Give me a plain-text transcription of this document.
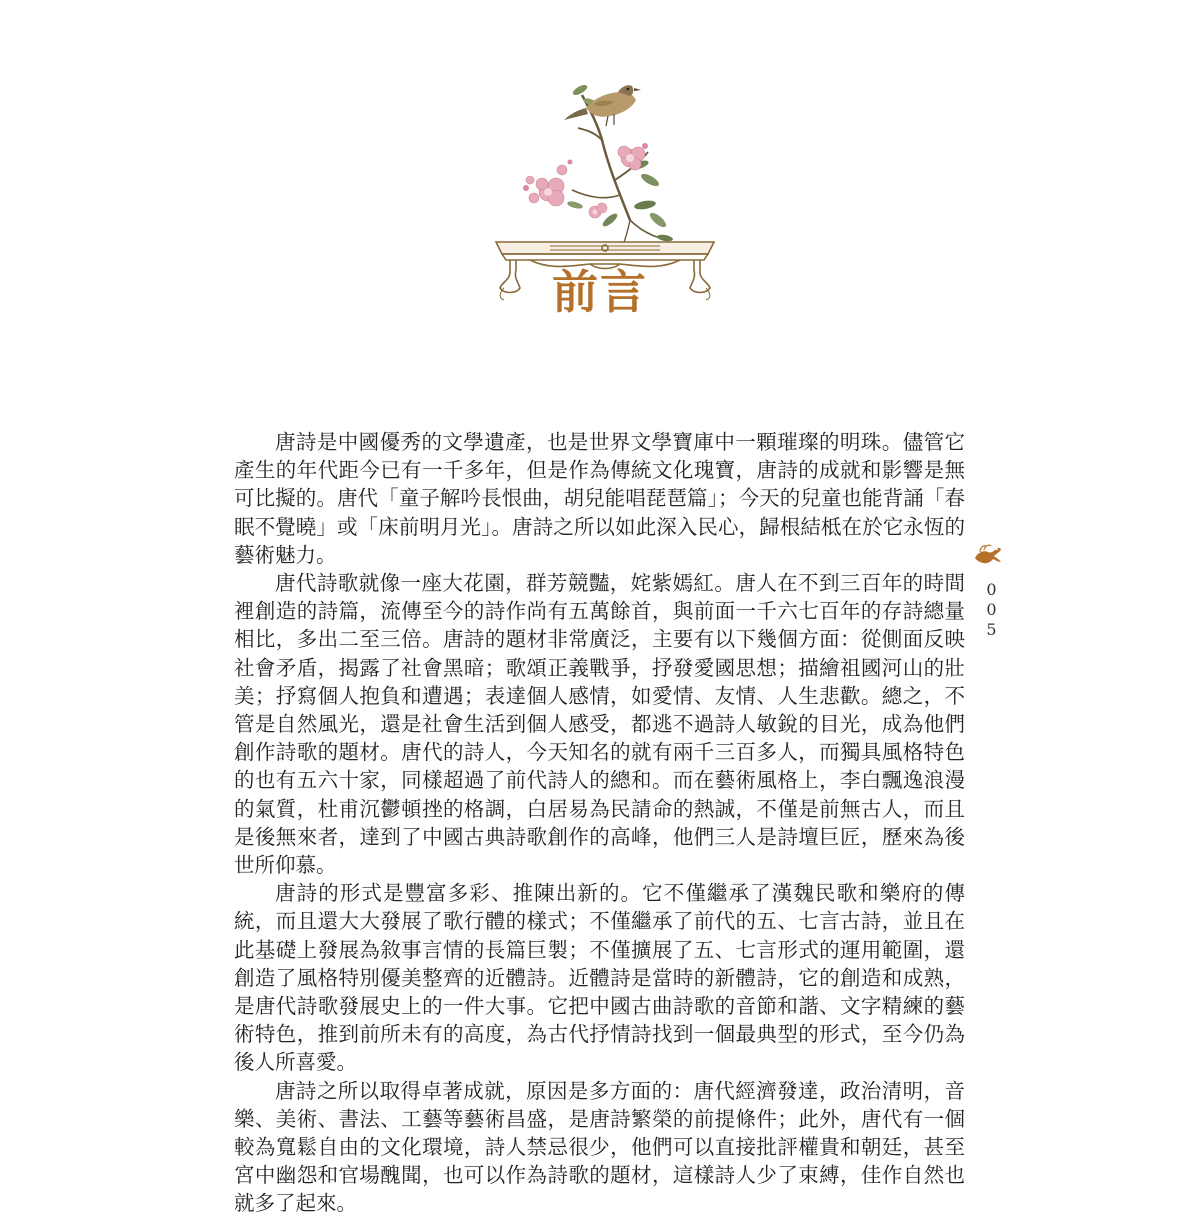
前言

唐詩是中國優秀的文學遺產，也是世界文學寶庫中一顆璀璨的明珠。儘管它產生的年代距今已有一千多年，但是作為傳統文化瑰寶，唐詩的成就和影響是無可比擬的。唐代「童子解吟長恨曲，胡兒能唱琵琶篇」；今天的兒童也能背誦「春眠不覺曉」或「床前明月光」。唐詩之所以如此深入民心，歸根結柢在於它永恆的藝術魅力。

唐代詩歌就像一座大花園，群芳競豔，姹紫嫣紅。唐人在不到三百年的時間裡創造的詩篇，流傳至今的詩作尚有五萬餘首，與前面一千六七百年的存詩總量相比，多出二至三倍。唐詩的題材非常廣泛，主要有以下幾個方面：從側面反映社會矛盾，揭露了社會黑暗；歌頌正義戰爭，抒發愛國思想；描繪祖國河山的壯美；抒寫個人抱負和遭遇；表達個人感情，如愛情、友情、人生悲歡。總之，不管是自然風光，還是社會生活到個人感受，都逃不過詩人敏銳的目光，成為他們創作詩歌的題材。唐代的詩人，今天知名的就有兩千三百多人，而獨具風格特色的也有五六十家，同樣超過了前代詩人的總和。而在藝術風格上，李白飄逸浪漫的氣質，杜甫沉鬱頓挫的格調，白居易為民請命的熱誠，不僅是前無古人，而且是後無來者，達到了中國古典詩歌創作的高峰，他們三人是詩壇巨匠，歷來為後世所仰慕。

唐詩的形式是豐富多彩、推陳出新的。它不僅繼承了漢魏民歌和樂府的傳統，而且還大大發展了歌行體的樣式；不僅繼承了前代的五、七言古詩，並且在此基礎上發展為敘事言情的長篇巨製；不僅擴展了五、七言形式的運用範圍，還創造了風格特別優美整齊的近體詩。近體詩是當時的新體詩，它的創造和成熟，是唐代詩歌發展史上的一件大事。它把中國古曲詩歌的音節和諧、文字精練的藝術特色，推到前所未有的高度，為古代抒情詩找到一個最典型的形式，至今仍為後人所喜愛。

唐詩之所以取得卓著成就，原因是多方面的：唐代經濟發達，政治清明，音樂、美術、書法、工藝等藝術昌盛，是唐詩繁榮的前提條件；此外，唐代有一個較為寬鬆自由的文化環境，詩人禁忌很少，他們可以直接批評權貴和朝廷，甚至宮中幽怨和官場醜聞，也可以作為詩歌的題材，這樣詩人少了束縛，佳作自然也就多了起來。

005
